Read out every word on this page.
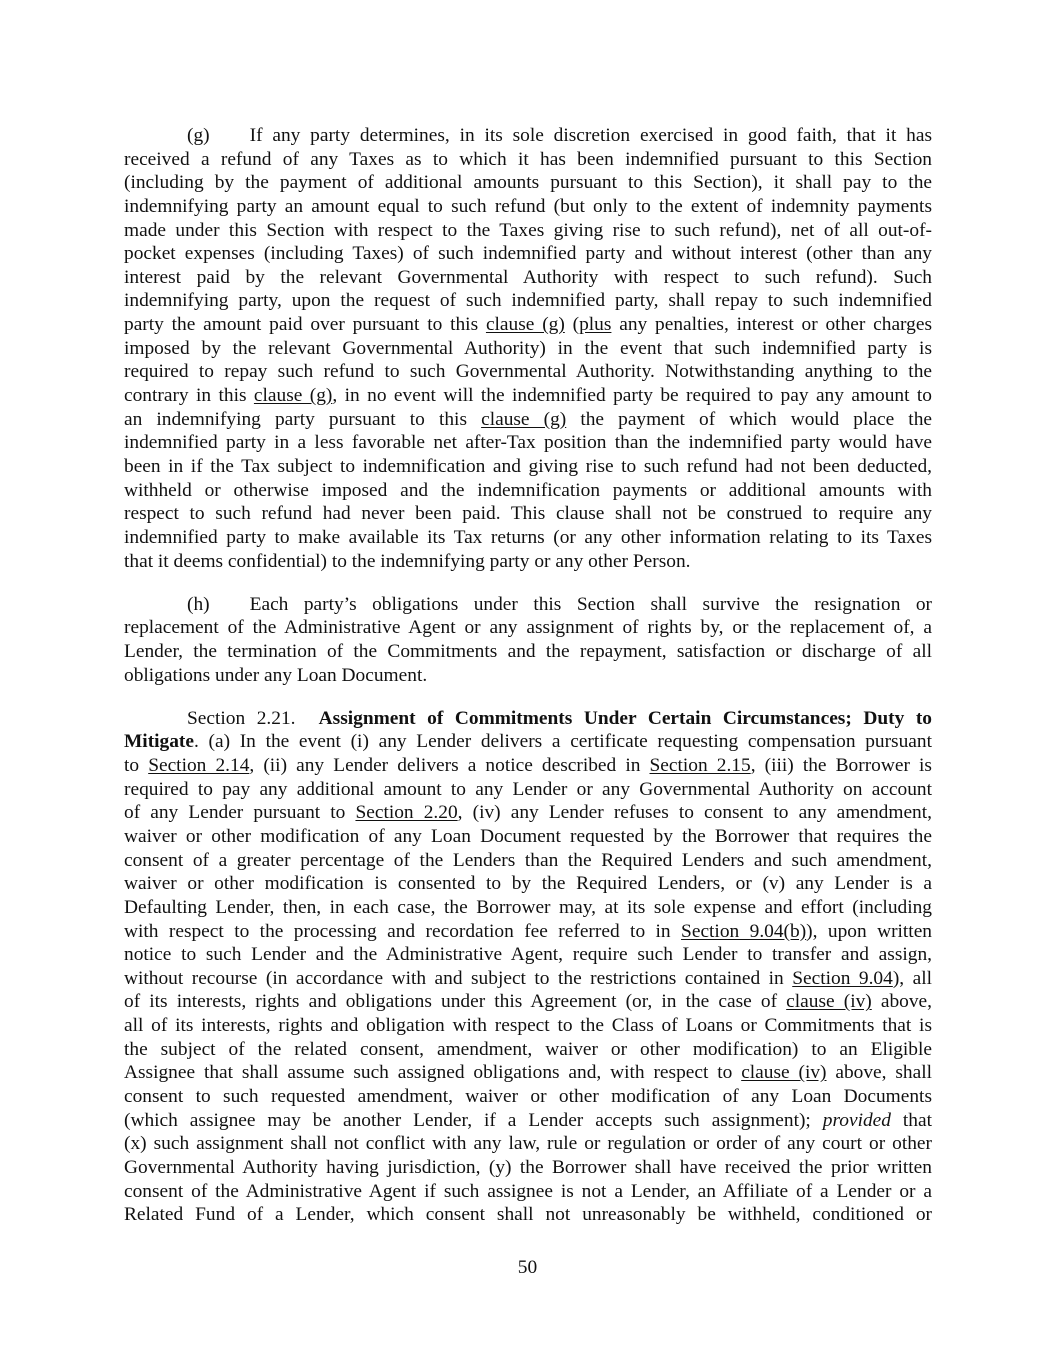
(g) If any party determines, in its sole discretion exercised in good faith, that it has
received a refund of any Taxes as to which it has been indemnified pursuant to this Section
(including by the payment of additional amounts pursuant to this Section), it shall pay to the
indemnifying party an amount equal to such refund (but only to the extent of indemnity payments
made under this Section with respect to the Taxes giving rise to such refund), net of all out-of-
pocket expenses (including Taxes) of such indemnified party and without interest (other than any
interest paid by the relevant Governmental Authority with respect to such refund). Such
indemnifying party, upon the request of such indemnified party, shall repay to such indemnified
party the amount paid over pursuant to this clause (g) (plus any penalties, interest or other charges
imposed by the relevant Governmental Authority) in the event that such indemnified party is
required to repay such refund to such Governmental Authority. Notwithstanding anything to the
contrary in this clause (g), in no event will the indemnified party be required to pay any amount to
an indemnifying party pursuant to this clause (g) the payment of which would place the
indemnified party in a less favorable net after-Tax position than the indemnified party would have
been in if the Tax subject to indemnification and giving rise to such refund had not been deducted,
withheld or otherwise imposed and the indemnification payments or additional amounts with
respect to such refund had never been paid. This clause shall not be construed to require any
indemnified party to make available its Tax returns (or any other information relating to its Taxes
that it deems confidential) to the indemnifying party or any other Person.
(h) Each party’s obligations under this Section shall survive the resignation or
replacement of the Administrative Agent or any assignment of rights by, or the replacement of, a
Lender, the termination of the Commitments and the repayment, satisfaction or discharge of all
obligations under any Loan Document.
Section 2.21. Assignment of Commitments Under Certain Circumstances; Duty to
Mitigate. (a) In the event (i) any Lender delivers a certificate requesting compensation pursuant
to Section 2.14, (ii) any Lender delivers a notice described in Section 2.15, (iii) the Borrower is
required to pay any additional amount to any Lender or any Governmental Authority on account
of any Lender pursuant to Section 2.20, (iv) any Lender refuses to consent to any amendment,
waiver or other modification of any Loan Document requested by the Borrower that requires the
consent of a greater percentage of the Lenders than the Required Lenders and such amendment,
waiver or other modification is consented to by the Required Lenders, or (v) any Lender is a
Defaulting Lender, then, in each case, the Borrower may, at its sole expense and effort (including
with respect to the processing and recordation fee referred to in Section 9.04(b)), upon written
notice to such Lender and the Administrative Agent, require such Lender to transfer and assign,
without recourse (in accordance with and subject to the restrictions contained in Section 9.04), all
of its interests, rights and obligations under this Agreement (or, in the case of clause (iv) above,
all of its interests, rights and obligation with respect to the Class of Loans or Commitments that is
the subject of the related consent, amendment, waiver or other modification) to an Eligible
Assignee that shall assume such assigned obligations and, with respect to clause (iv) above, shall
consent to such requested amendment, waiver or other modification of any Loan Documents
(which assignee may be another Lender, if a Lender accepts such assignment); provided that
(x) such assignment shall not conflict with any law, rule or regulation or order of any court or other
Governmental Authority having jurisdiction, (y) the Borrower shall have received the prior written
consent of the Administrative Agent if such assignee is not a Lender, an Affiliate of a Lender or a
Related Fund of a Lender, which consent shall not unreasonably be withheld, conditioned or
50
